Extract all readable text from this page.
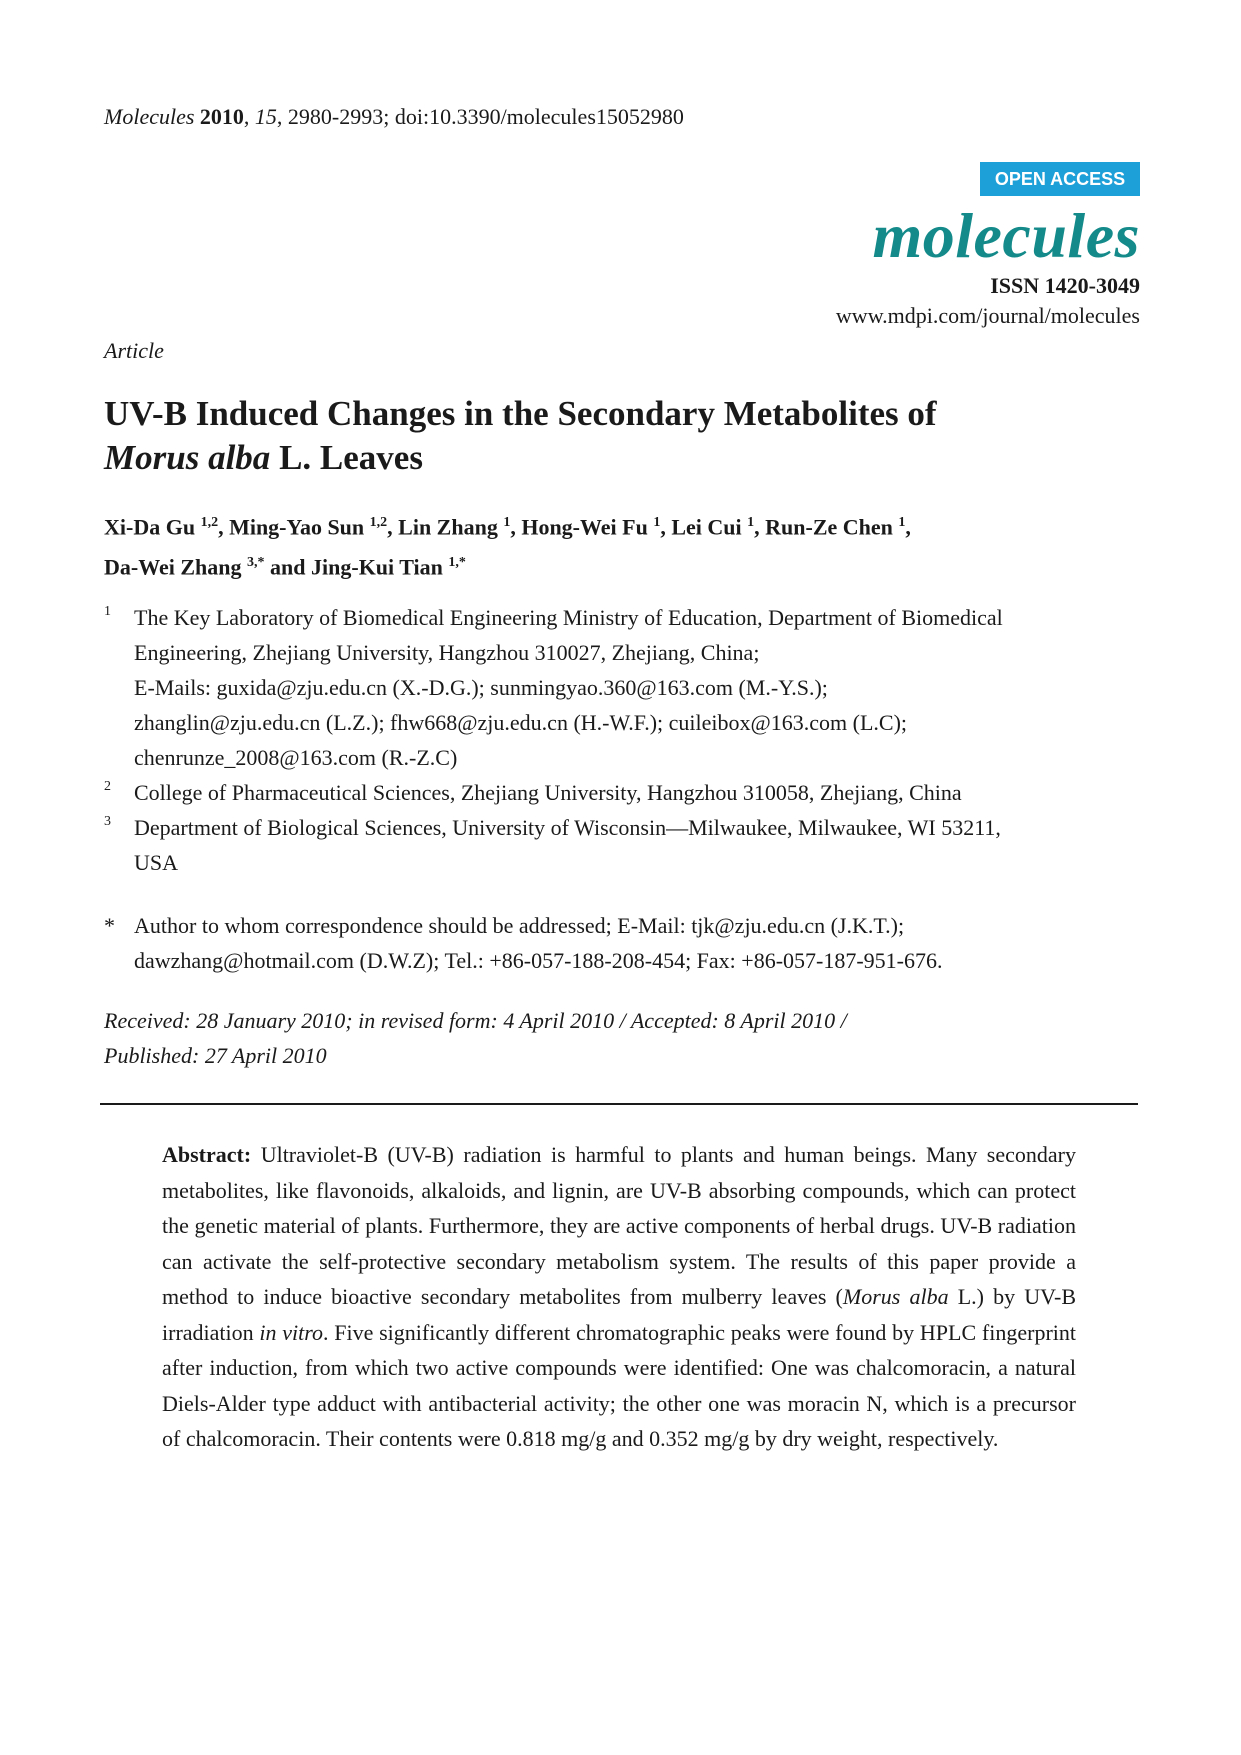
Molecules 2010, 15, 2980-2993; doi:10.3390/molecules15052980
OPEN ACCESS
molecules
ISSN 1420-3049
www.mdpi.com/journal/molecules
Article
UV-B Induced Changes in the Secondary Metabolites of
Morus alba L. Leaves
Xi-Da Gu $^{1,2}$, Ming-Yao Sun $^{1,2}$, Lin Zhang $^1$, Hong-Wei Fu $^1$, Lei Cui $^1$, Run-Ze Chen $^1$,
Da-Wei Zhang $^{3,*}$ and Jing-Kui Tian $^{1,*}$
1 The Key Laboratory of Biomedical Engineering Ministry of Education, Department of Biomedical
Engineering, Zhejiang University, Hangzhou 310027, Zhejiang, China;
E-Mails: guxida@zju.edu.cn (X.-D.G.); sunmingyao.360@163.com (M.-Y.S.);
zhanglin@zju.edu.cn (L.Z.); fhw668@zju.edu.cn (H.-W.F.); cuileibox@163.com (L.C);
chenrunze_2008@163.com (R.-Z.C)
2 College of Pharmaceutical Sciences, Zhejiang University, Hangzhou 310058, Zhejiang, China
3 Department of Biological Sciences, University of Wisconsin—Milwaukee, Milwaukee, WI 53211,
USA
* Author to whom correspondence should be addressed; E-Mail: tjk@zju.edu.cn (J.K.T.);
dawzhang@hotmail.com (D.W.Z); Tel.: +86-057-188-208-454; Fax: +86-057-187-951-676.
Received: 28 January 2010; in revised form: 4 April 2010 / Accepted: 8 April 2010 /
Published: 27 April 2010
Abstract: Ultraviolet-B (UV-B) radiation is harmful to plants and human beings. Many secondary metabolites, like flavonoids, alkaloids, and lignin, are UV-B absorbing compounds, which can protect the genetic material of plants. Furthermore, they are active components of herbal drugs. UV-B radiation can activate the self-protective secondary metabolism system. The results of this paper provide a method to induce bioactive secondary metabolites from mulberry leaves (Morus alba L.) by UV-B irradiation in vitro. Five significantly different chromatographic peaks were found by HPLC fingerprint after induction, from which two active compounds were identified: One was chalcomoracin, a natural Diels-Alder type adduct with antibacterial activity; the other one was moracin N, which is a precursor of chalcomoracin. Their contents were 0.818 mg/g and 0.352 mg/g by dry weight, respectively.
